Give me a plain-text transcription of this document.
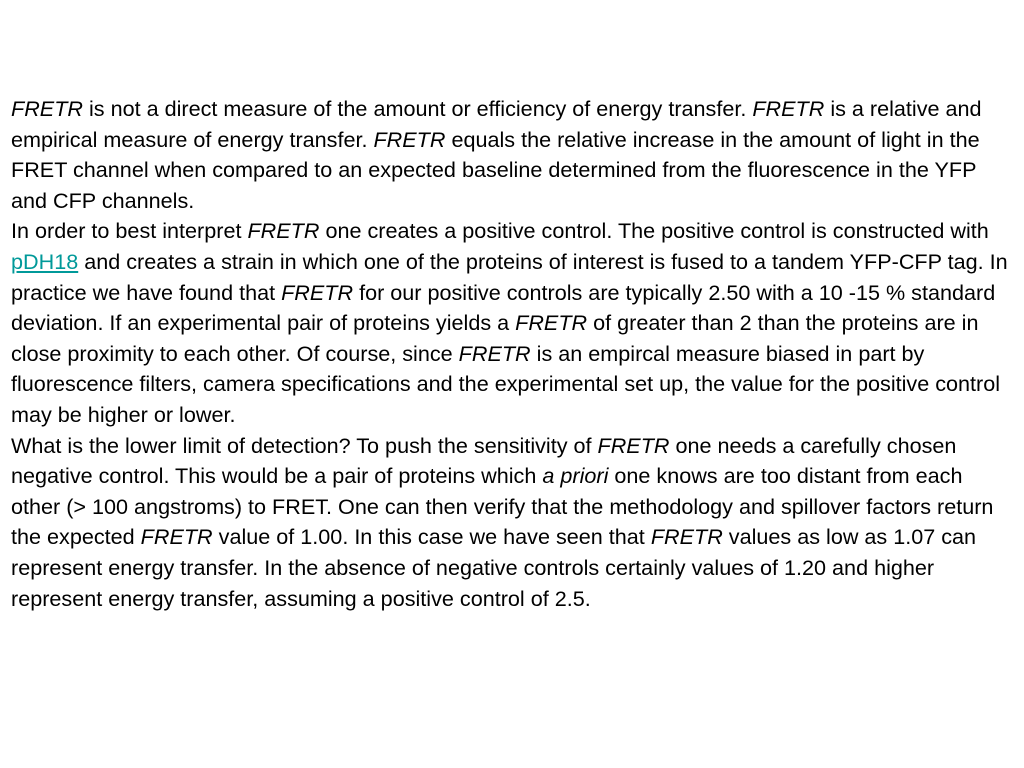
FRETR is not a direct measure of the amount or efficiency of energy transfer. FRETR is a relative and empirical measure of energy transfer. FRETR equals the relative increase in the amount of light in the FRET channel when compared to an expected baseline determined from the fluorescence in the YFP and CFP channels.

In order to best interpret FRETR one creates a positive control. The positive control is constructed with pDH18 and creates a strain in which one of the proteins of interest is fused to a tandem YFP-CFP tag. In practice we have found that FRETR for our positive controls are typically 2.50 with a 10 -15 % standard deviation. If an experimental pair of proteins yields a FRETR of greater than 2 than the proteins are in close proximity to each other. Of course, since FRETR is an empircal measure biased in part by fluorescence filters, camera specifications and the experimental set up, the value for the positive control may be higher or lower.

What is the lower limit of detection? To push the sensitivity of FRETR one needs a carefully chosen negative control. This would be a pair of proteins which a priori one knows are too distant from each other (> 100 angstroms) to FRET. One can then verify that the methodology and spillover factors return the expected FRETR value of 1.00. In this case we have seen that FRETR values as low as 1.07 can represent energy transfer. In the absence of negative controls certainly values of 1.20 and higher represent energy transfer, assuming a positive control of 2.5.
